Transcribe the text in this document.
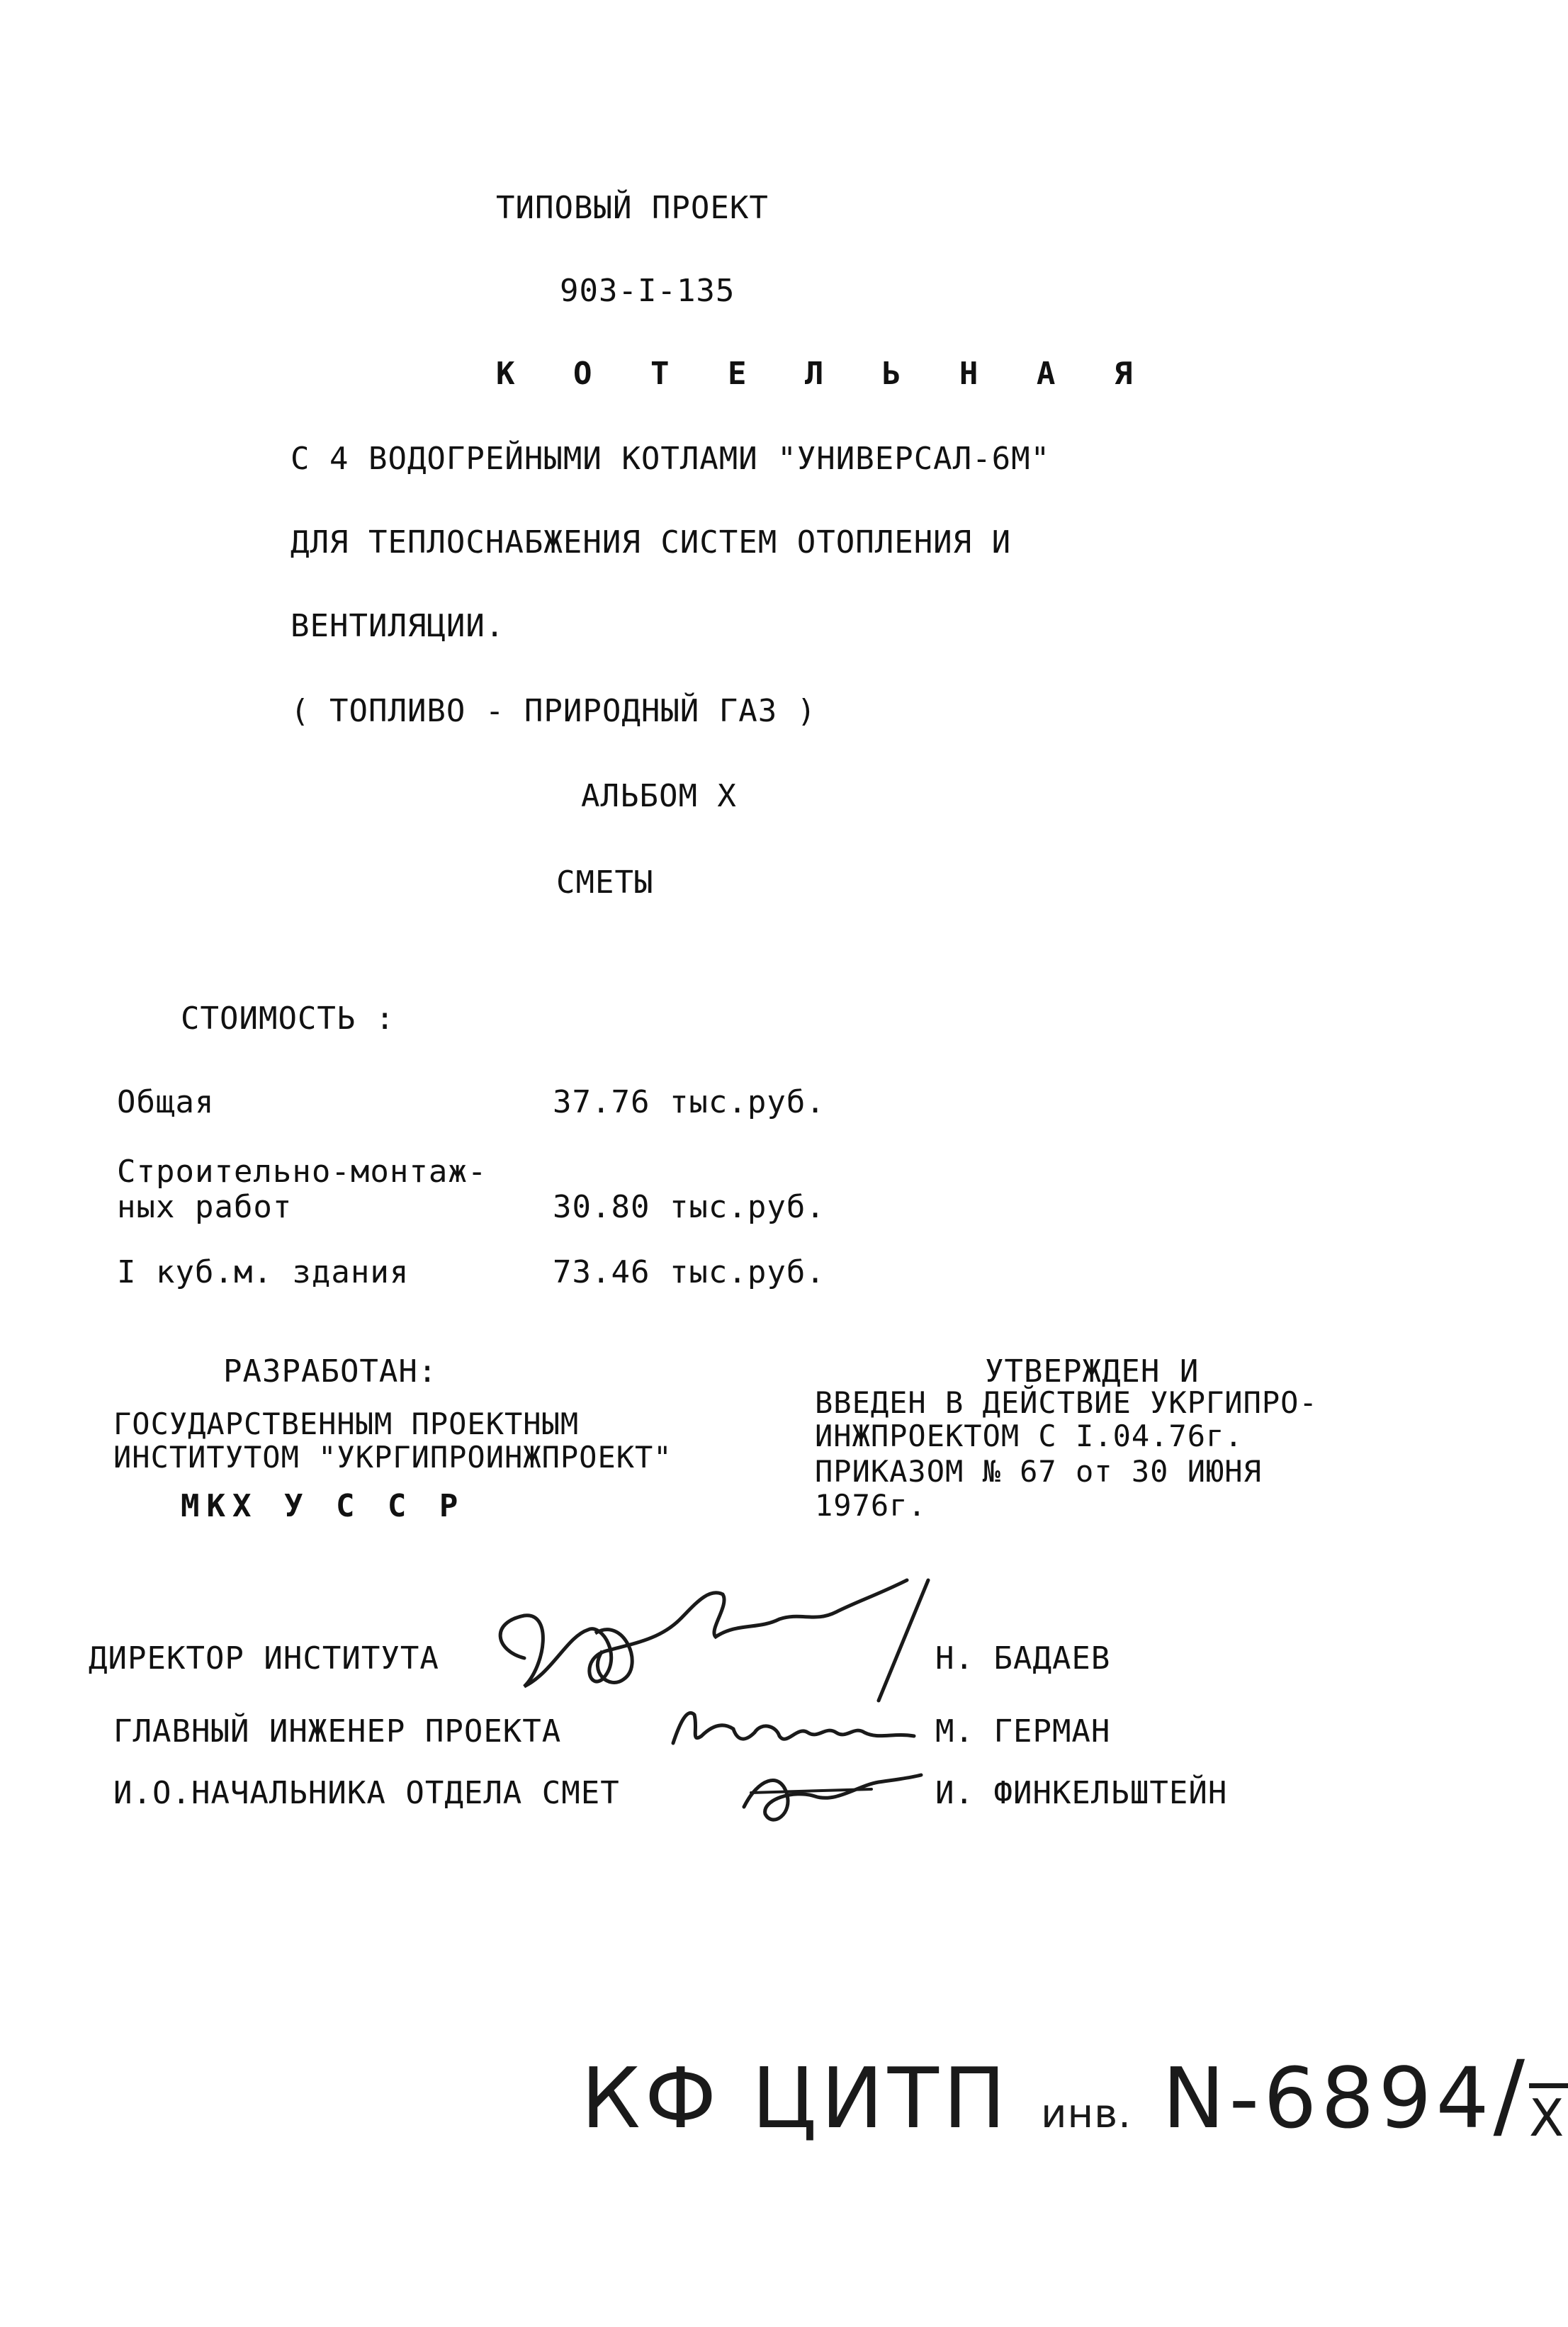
ТИПОВЫЙ ПРОЕКТ
903-I-135
К О Т Е Л Ь Н А Я
С 4 ВОДОГРЕЙНЫМИ КОТЛАМИ "УНИВЕРСАЛ-6М"
ДЛЯ ТЕПЛОСНАБЖЕНИЯ СИСТЕМ ОТОПЛЕНИЯ И
ВЕНТИЛЯЦИИ.
( ТОПЛИВО - ПРИРОДНЫЙ ГАЗ )
АЛЬБОМ Х
СМЕТЫ
СТОИМОСТЬ :
Общая	37.76 тыс.руб.
Строительно-монтаж-
ных работ	30.80 тыс.руб.
I куб.м. здания	73.46 тыс.руб.
РАЗРАБОТАН:
ГОСУДАРСТВЕННЫМ ПРОЕКТНЫМ
ИНСТИТУТОМ "УКРГИПРОИНЖПРОЕКТ"
МКХ У С С Р
УТВЕРЖДЕН И
ВВЕДЕН В ДЕЙСТВИЕ УКРГИПРО-
ИНЖПРОЕКТОМ С I.04.76г.
ПРИКАЗОМ № 67 от 30 ИЮНЯ
1976г.
ДИРЕКТОР ИНСТИТУТА	Н. БАДАЕВ
ГЛАВНЫЙ ИНЖЕНЕР ПРОЕКТА	М. ГЕРМАН
И.О.НАЧАЛЬНИКА ОТДЕЛА СМЕТ	И. ФИНКЕЛЬШТЕЙН
КФ ЦИТП инв. $N-6894/\overline{X}$
